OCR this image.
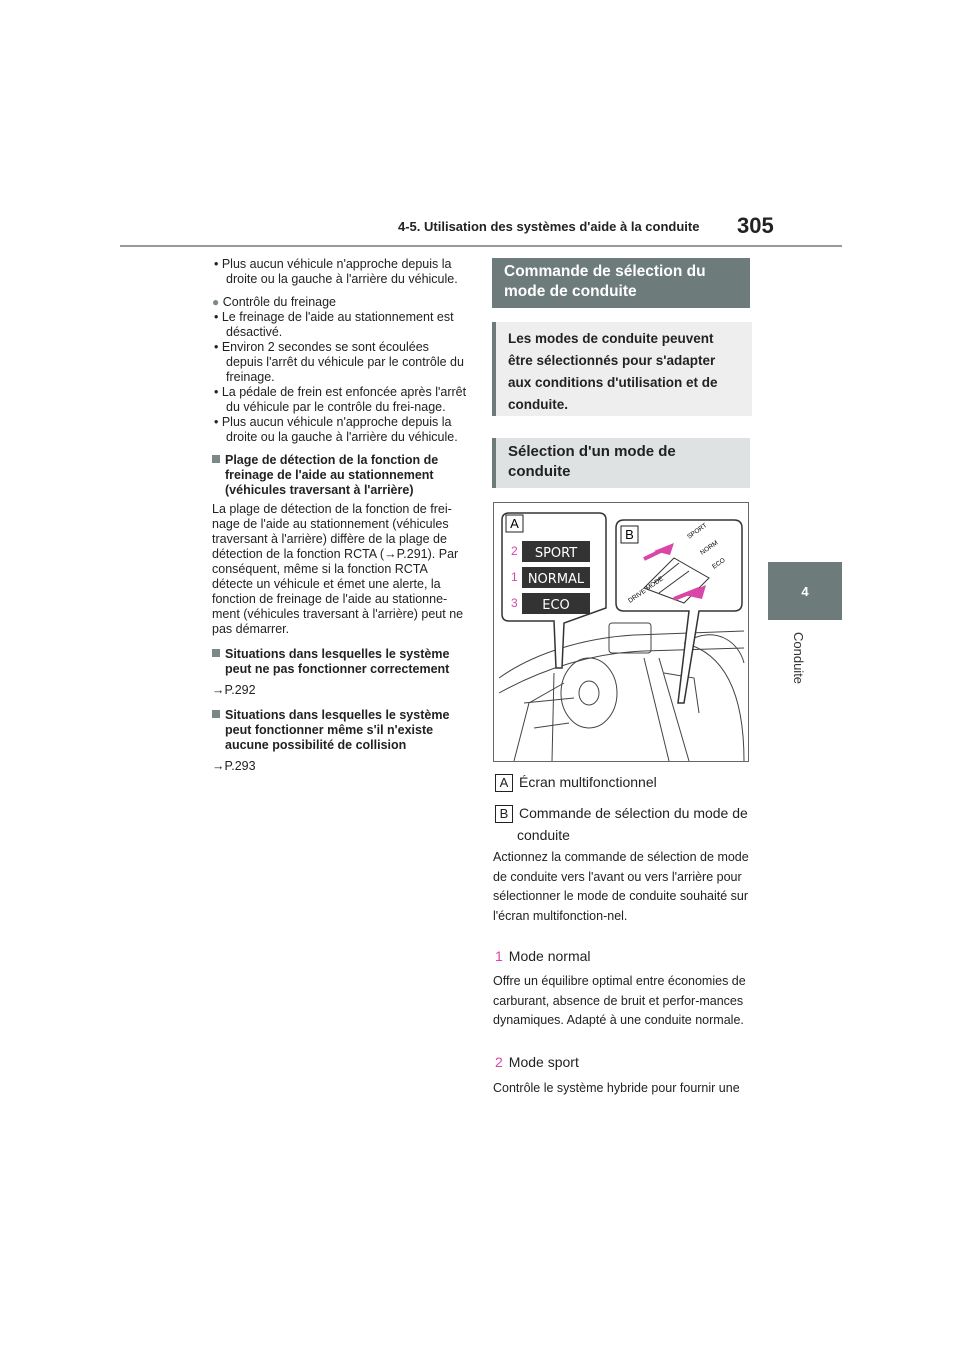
4-5. Utilisation des systèmes d'aide à la conduite 305
4
Conduite

• Plus aucun véhicule n'approche depuis la droite ou la gauche à l'arrière du véhicule.

● Contrôle du freinage

• Le freinage de l'aide au stationnement est désactivé.

• Environ 2 secondes se sont écoulées depuis l'arrêt du véhicule par le contrôle du freinage.

• La pédale de frein est enfoncée après l'arrêt du véhicule par le contrôle du frei-nage.

• Plus aucun véhicule n'approche depuis la droite ou la gauche à l'arrière du véhicule.

Plage de détection de la fonction de freinage de l'aide au stationnement (véhicules traversant à l'arrière)

La plage de détection de la fonction de frei-nage de l'aide au stationnement (véhicules traversant à l'arrière) diffère de la plage de détection de la fonction RCTA (→P.291). Par conséquent, même si la fonction RCTA détecte un véhicule et émet une alerte, la fonction de freinage de l'aide au stationne-ment (véhicules traversant à l'arrière) peut ne pas démarrer.

Situations dans lesquelles le système peut ne pas fonctionner correctement

→P.292

Situations dans lesquelles le système peut fonctionner même s'il n'existe aucune possibilité de collision

→P.293

Commande de sélection du mode de conduite
Les modes de conduite peuvent être sélectionnés pour s'adapter aux conditions d'utilisation et de conduite.
Sélection d'un mode de conduite
A
2 SPORT
1 NORMAL
3 ECO
B	SPORT
NORM
ECO
DRIVE MODE
A Écran multifonctionnel
B Commande de sélection du mode de conduite
Actionnez la commande de sélection de mode de conduite vers l'avant ou vers l'arrière pour sélectionner le mode de conduite souhaité sur l'écran multifonction-nel.
1 Mode normal
Offre un équilibre optimal entre économies de carburant, absence de bruit et perfor-mances dynamiques. Adapté à une conduite normale.
2 Mode sport
Contrôle le système hybride pour fournir une
